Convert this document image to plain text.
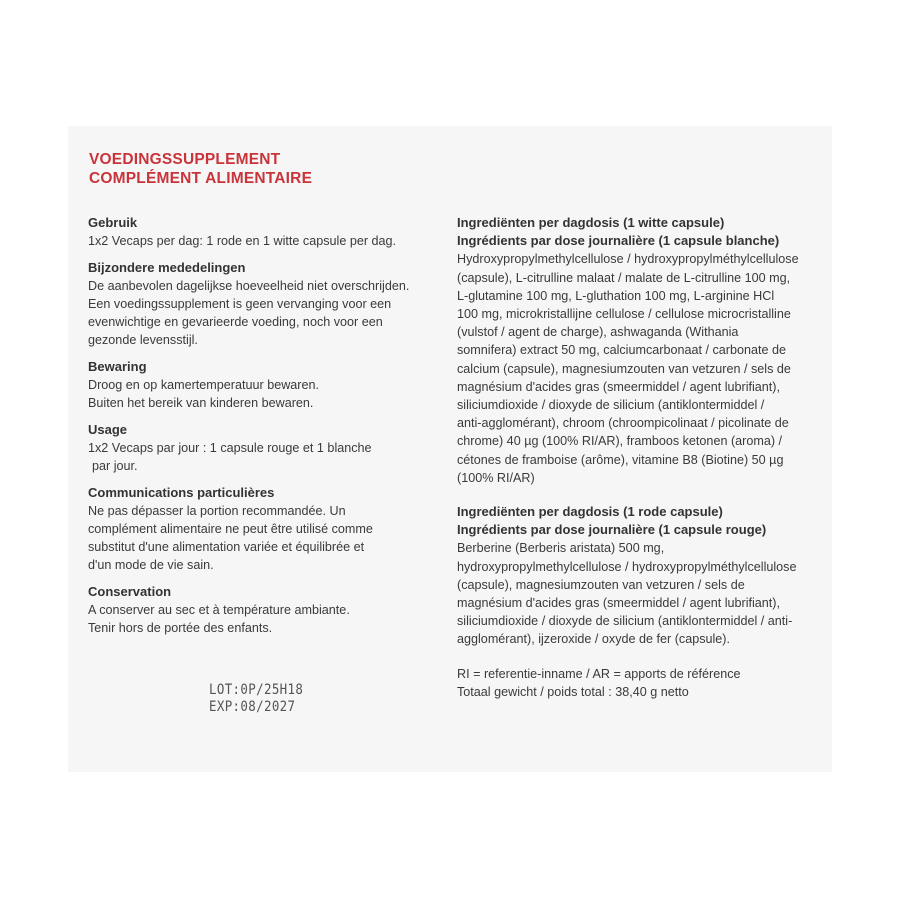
VOEDINGSSUPPLEMENT
COMPLÉMENT ALIMENTAIRE
Gebruik
1x2 Vecaps per dag: 1 rode en 1 witte capsule per dag.
Bijzondere mededelingen
De aanbevolen dagelijkse hoeveelheid niet overschrijden.
Een voedingssupplement is geen vervanging voor een
evenwichtige en gevarieerde voeding, noch voor een
gezonde levensstijl.
Bewaring
Droog en op kamertemperatuur bewaren.
Buiten het bereik van kinderen bewaren.
Usage
1x2 Vecaps par jour : 1 capsule rouge et 1 blanche
par jour.
Communications particulières
Ne pas dépasser la portion recommandée. Un
complément alimentaire ne peut être utilisé comme
substitut d'une alimentation variée et équilibrée et
d'un mode de vie sain.
Conservation
A conserver au sec et à température ambiante.
Tenir hors de portée des enfants.
Ingrediënten per dagdosis (1 witte capsule)
Ingrédients par dose journalière (1 capsule blanche)
Hydroxypropylmethylcellulose / hydroxypropylméthylcellulose
(capsule), L-citrulline malaat / malate de L-citrulline 100 mg,
L-glutamine 100 mg, L-gluthation 100 mg, L-arginine HCl
100 mg, microkristallijne cellulose / cellulose microcristalline
(vulstof / agent de charge), ashwaganda (Withania
somnifera) extract 50 mg, calciumcarbonaat / carbonate de
calcium (capsule), magnesiumzouten van vetzuren / sels de
magnésium d'acides gras (smeermiddel / agent lubrifiant),
siliciumdioxide / dioxyde de silicium (antiklontermiddel /
anti-agglomérant), chroom (chroompicolinaat / picolinate de
chrome) 40 µg (100% RI/AR), framboos ketonen (aroma) /
cétones de framboise (arôme), vitamine B8 (Biotine) 50 µg
(100% RI/AR)
Ingrediënten per dagdosis (1 rode capsule)
Ingrédients par dose journalière (1 capsule rouge)
Berberine (Berberis aristata) 500 mg,
hydroxypropylmethylcellulose / hydroxypropylméthylcellulose
(capsule), magnesiumzouten van vetzuren / sels de
magnésium d'acides gras (smeermiddel / agent lubrifiant),
siliciumdioxide / dioxyde de silicium (antiklontermiddel / anti-
agglomérant), ijzeroxide / oxyde de fer (capsule).
RI = referentie-inname / AR = apports de référence
Totaal gewicht / poids total : 38,40 g netto
LOT:0P/25H18
EXP:08/2027
